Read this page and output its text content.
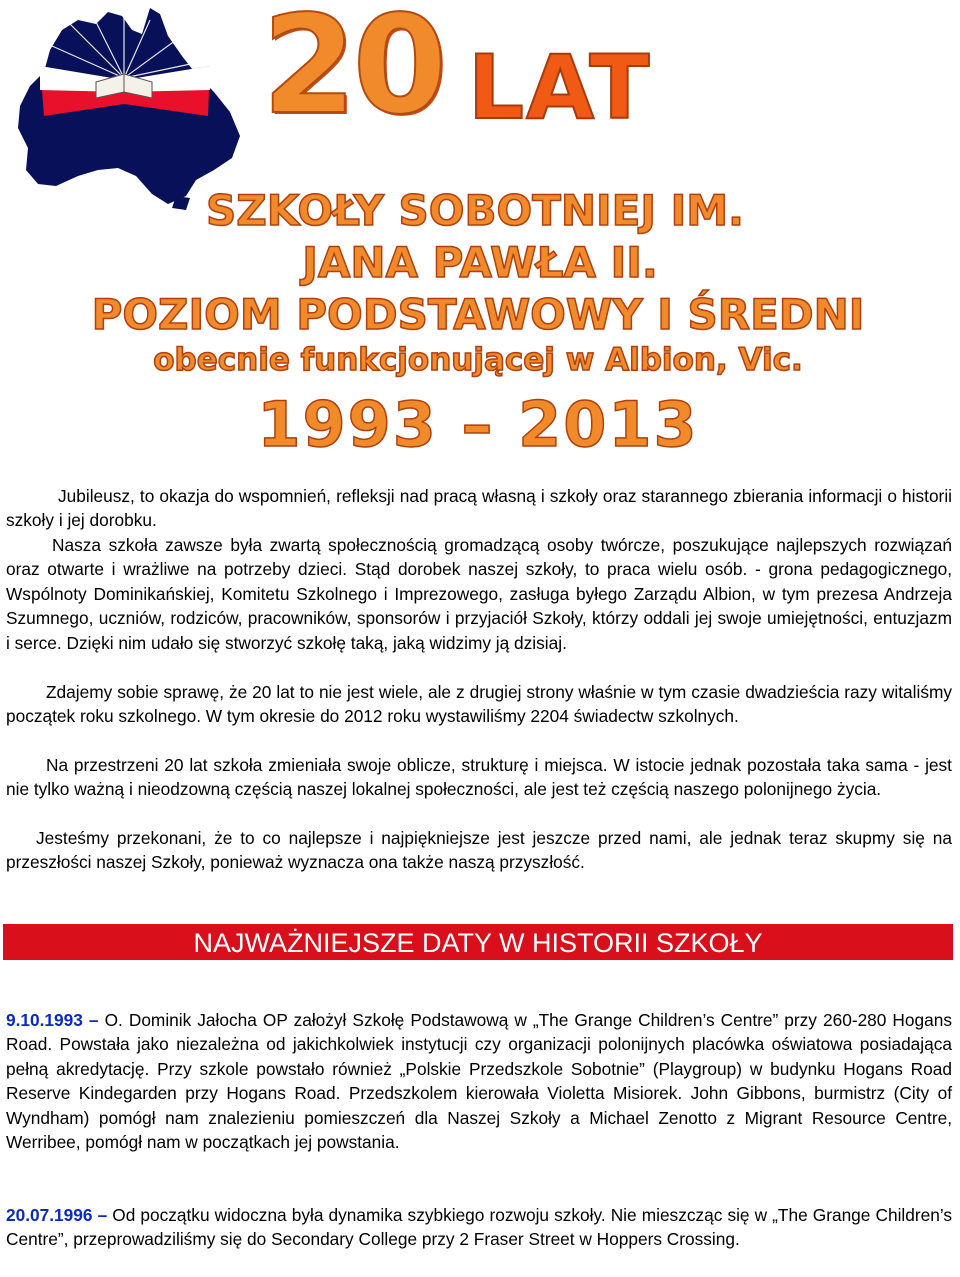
20 LAT
SZKOŁY SOBOTNIEJ IM.
JANA PAWŁA II.
POZIOM PODSTAWOWY I ŚREDNI
obecnie funkcjonującej w Albion, Vic.
1993 – 2013

Jubileusz, to okazja do wspomnień, refleksji nad pracą własną i szkoły oraz starannego zbierania informacji o historii szkoły i jej dorobku.

Nasza szkoła zawsze była zwartą społecznością gromadzącą osoby twórcze, poszukujące najlepszych rozwiązań oraz otwarte i wrażliwe na potrzeby dzieci. Stąd dorobek naszej szkoły, to praca wielu osób. - grona pedagogicznego, Wspólnoty Dominikańskiej, Komitetu Szkolnego i Imprezowego, zasługa byłego Zarządu Albion, w tym prezesa Andrzeja Szumnego, uczniów, rodziców, pracowników, sponsorów i przyjaciół Szkoły, którzy oddali jej swoje umiejętności, entuzjazm i serce. Dzięki nim udało się stworzyć szkołę taką, jaką widzimy ją dzisiaj.

Zdajemy sobie sprawę, że 20 lat to nie jest wiele, ale z drugiej strony właśnie w tym czasie dwadzieścia razy witaliśmy początek roku szkolnego. W tym okresie do 2012 roku wystawiliśmy 2204 świadectw szkolnych.

Na przestrzeni 20 lat szkoła zmieniała swoje oblicze, strukturę i miejsca. W istocie jednak pozostała taka sama - jest nie tylko ważną i nieodzowną częścią naszej lokalnej społeczności, ale jest też częścią naszego polonijnego życia.

Jesteśmy przekonani, że to co najlepsze i najpiękniejsze jest jeszcze przed nami, ale jednak teraz skupmy się na przeszłości naszej Szkoły, ponieważ wyznacza ona także naszą przyszłość.

NAJWAŻNIEJSZE DATY W HISTORII SZKOŁY

9.10.1993 – O. Dominik Jałocha OP założył Szkołę Podstawową w „The Grange Children’s Centre” przy 260-280 Hogans Road. Powstała jako niezależna od jakichkolwiek instytucji czy organizacji polonijnych placówka oświatowa posiadająca pełną akredytację. Przy szkole powstało również „Polskie Przedszkole Sobotnie” (Playgroup) w budynku Hogans Road Reserve Kindegarden przy Hogans Road. Przedszkolem kierowała Violetta Misiorek. John Gibbons, burmistrz (City of Wyndham) pomógł nam znalezieniu pomieszczeń dla Naszej Szkoły a Michael Zenotto z Migrant Resource Centre, Werribee, pomógł nam w początkach jej powstania.

20.07.1996 – Od początku widoczna była dynamika szybkiego rozwoju szkoły. Nie mieszcząc się w „The Grange Children’s Centre”, przeprowadziliśmy się do Secondary College przy 2 Fraser Street w Hoppers Crossing.
